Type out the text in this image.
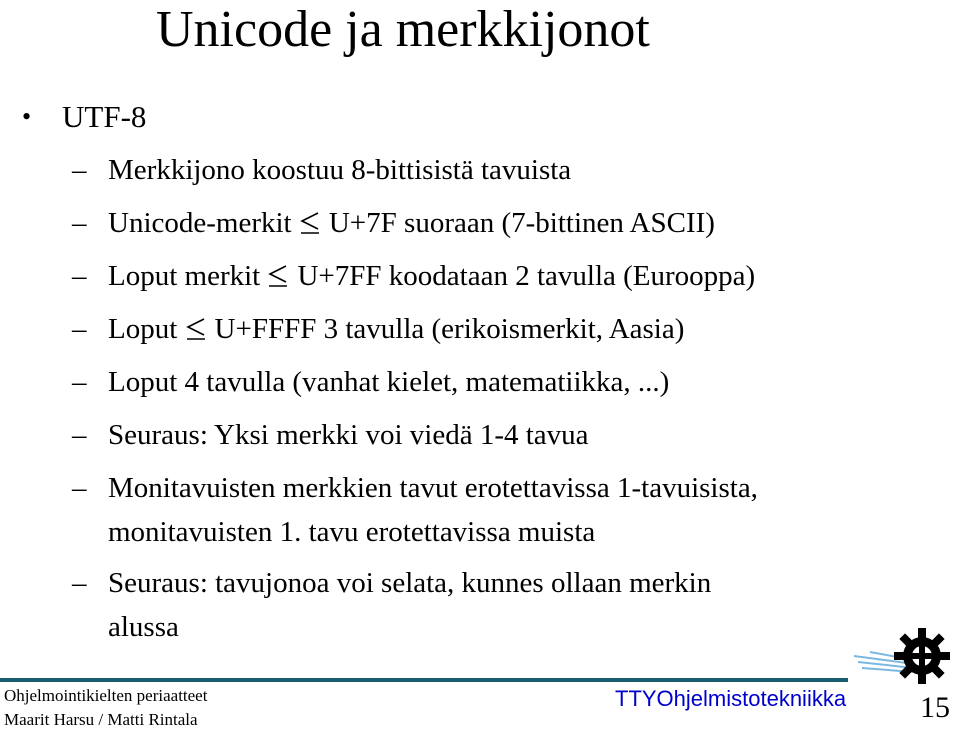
Unicode ja merkkijonot
• UTF-8
– Merkkijono koostuu 8-bittisistä tavuista
– Unicode-merkit U+7F suoraan (7-bittinen ASCII)
– Loput merkit U+7FF koodataan 2 tavulla (Eurooppa)
– Loput U+FFFF 3 tavulla (erikoismerkit, Aasia)
– Loput 4 tavulla (vanhat kielet, matematiikka, ...)
– Seuraus: Yksi merkki voi viedä 1-4 tavua
– Monitavuisten merkkien tavut erotettavissa 1-tavuisista,
monitavuisten 1. tavu erotettavissa muista
– Seuraus: tavujonoa voi selata, kunnes ollaan merkin
alussa
Ohjelmointikielten periaatteet
Maarit Harsu / Matti Rintala
TTYOhjelmistotekniikka 15
